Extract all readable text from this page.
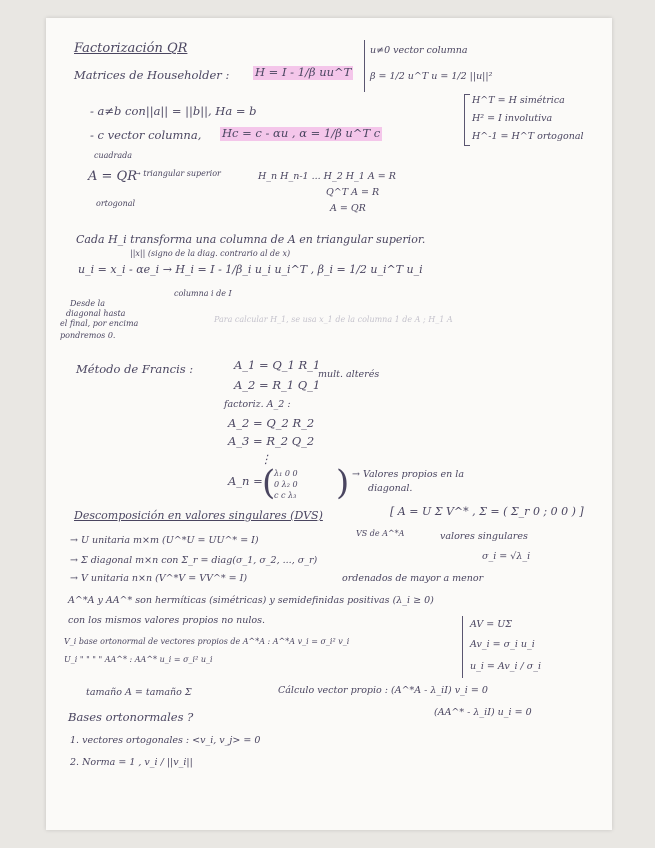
Factorización QR
Matrices de Householder : H = I - 1/β uu^T
u≠0 vector columna
β = 1/2 u^T u = 1/2 ||u||²
H^T = H simétrica
H² = I involutiva
H^-1 = H^T ortogonal
- a≠b con||a|| = ||b||, Ha = b
- c vector columna, Hc = c - αu , α = 1/β u^T c
cuadrada
A = QR
→ triangular superior
ortogonal
H_n H_n-1 ... H_2 H_1 A = R
Q^T A = R
A = QR
Cada H_i transforma una columna de A en triangular superior.
||x|| (signo de la diag. contrario al de x)
u_i = x_i - αe_i → H_i = I - 1/β_i u_i u_i^T , β_i = 1/2 u_i^T u_i
columna i de I
Desde la
diagonal hasta
el final, por encima
pondremos 0.
Para calcular H_1, se usa x_1 de la columna 1 de A ; H_1 A
Método de Francis :	A_1 = Q_1 R_1
A_2 = R_1 Q_1
mult. alterés
factoriz. A_2 :
A_2 = Q_2 R_2
A_3 = R_2 Q_2
⋮
A_n = (
λ₁ 0 0
0 λ₂ 0
c c λ₃ ) → Valores propios en la
diagonal.
Descomposición en valores singulares (DVS)	[ A = U Σ V^* , Σ = ( Σ_r 0 ; 0 0 ) ]
→ U unitaria m×m (U^*U = UU^* = I)
VS de A^*A	valores singulares
→ Σ diagonal m×n con Σ_r = diag(σ_1, σ_2, ..., σ_r)	σ_i = √λ_i
→ V unitaria n×n (V^*V = VV^* = I)	ordenados de mayor a menor
A^*A y AA^* son hermíticas (simétricas) y semidefinidas positivas (λ_i ≥ 0)
con los mismos valores propios no nulos.
V_i base ortonormal de vectores propios de A^*A : A^*A v_i = σ_i² v_i
U_i " " " " AA^* : AA^* u_i = σ_i² u_i
AV = UΣ
Av_i = σ_i u_i
u_i = Av_i / σ_i
tamaño A = tamaño Σ	Cálculo vector propio : (A^*A - λ_iI) v_i = 0
(AA^* - λ_iI) u_i = 0
Bases ortonormales ?
1. vectores ortogonales : <v_i, v_j> = 0
2. Norma = 1 , v_i / ||v_i||
